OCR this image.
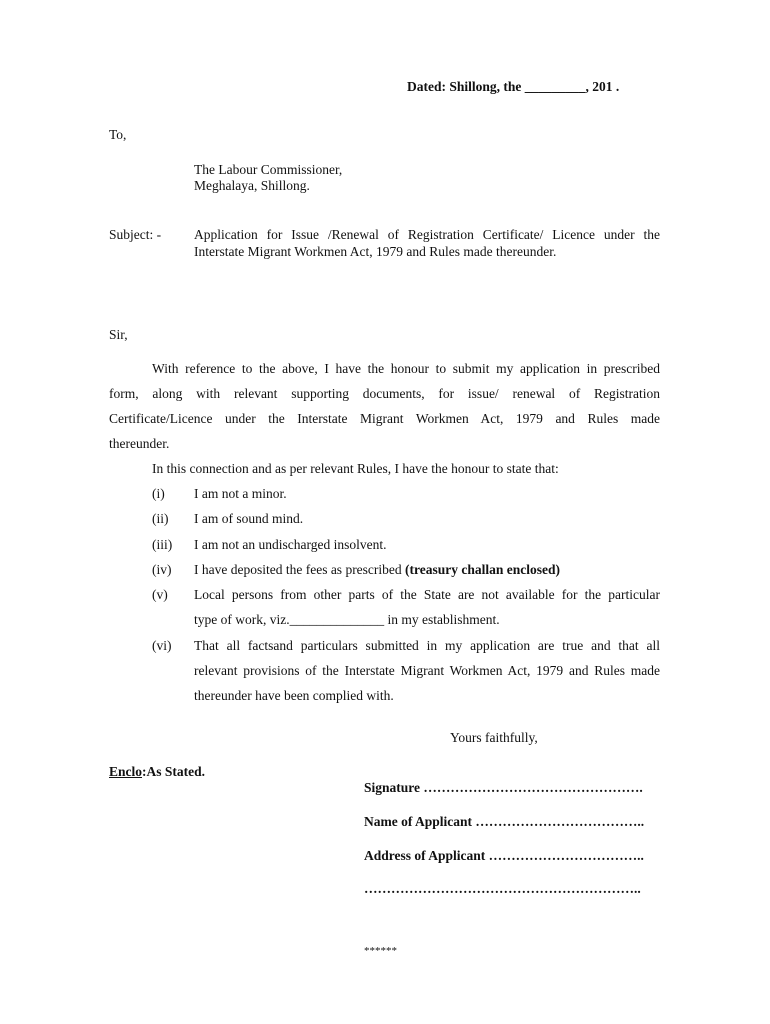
Dated: Shillong, the _________, 201 .
To,
The Labour Commissioner,
Meghalaya, Shillong.
Subject: - Application for Issue /Renewal of Registration Certificate/ Licence under the
Interstate Migrant Workmen Act, 1979 and Rules made thereunder.
Sir,
With reference to the above, I have the honour to submit my application in prescribed
form, along with relevant supporting documents, for issue/ renewal of Registration
Certificate/Licence under the Interstate Migrant Workmen Act, 1979 and Rules made
thereunder.
In this connection and as per relevant Rules, I have the honour to state that:
(i) I am not a minor.
(ii) I am of sound mind.
(iii) I am not an undischarged insolvent.
(iv) I have deposited the fees as prescribed (treasury challan enclosed)
(v) Local persons from other parts of the State are not available for the particular
type of work, viz.______________ in my establishment.
(vi) That all factsand particulars submitted in my application are true and that all
relevant provisions of the Interstate Migrant Workmen Act, 1979 and Rules made
thereunder have been complied with.
Yours faithfully,
Enclo:As Stated.
Signature ………………………………………….
Name of Applicant ………………………………..
Address of Applicant ……………………………..
……………………………………………………..
******
